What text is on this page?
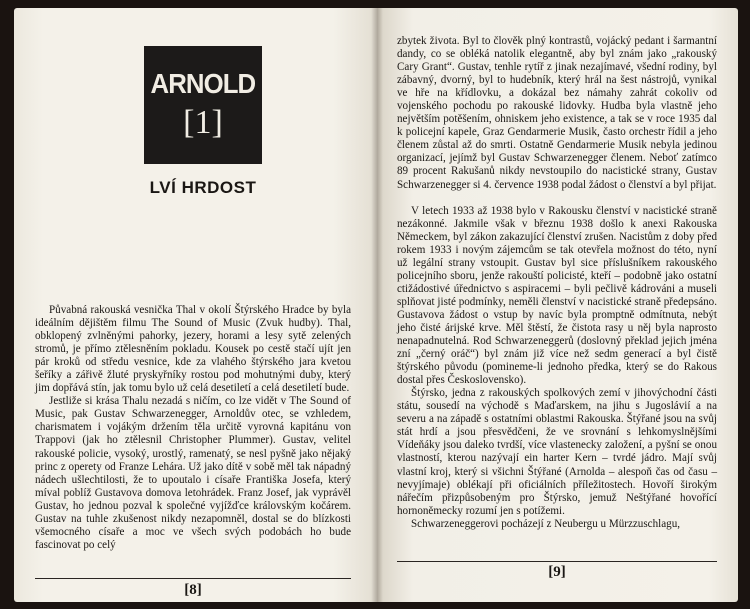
ARNOLD
[1]
LVÍ HRDOST

Půvabná rakouská vesnička Thal v okolí Štýrského Hradce by byla ideálním dějištěm filmu The Sound of Music (Zvuk hudby). Thal, obklopený zvlněnými pahorky, jezery, horami a lesy sytě zelených stromů, je přímo ztělesněním pokladu. Kousek po cestě stačí ujít jen pár kroků od středu vesnice, kde za vlahého štýrského jara kvetou šeříky a zářivě žluté pryskyřníky rostou pod mohutnými duby, který jim dopřává stín, jak tomu bylo už celá desetiletí a celá desetiletí bude.

Jestliže si krása Thalu nezadá s ničím, co lze vidět v The Sound of Music, pak Gustav Schwarzenegger, Arnoldův otec, se vzhledem, charismatem i vojákým držením těla určitě vyrovná kapitánu von Trappovi (jak ho ztělesnil Christopher Plummer). Gustav, velitel rakouské policie, vysoký, urostlý, ramenatý, se nesl pyšně jako nějaký princ z operety od Franze Lehára. Už jako dítě v sobě měl tak nápadný nádech ušlechtilosti, že to upoutalo i císaře Františka Josefa, který míval poblíž Gustavova domova letohrádek. Franz Josef, jak vyprávěl Gustav, ho jednou pozval k společné vyjížďce královským kočárem. Gustav na tuhle zkušenost nikdy nezapomněl, dostal se do blízkosti všemocného císaře a moc ve všech svých podobách ho bude fascinovat po celý

[8]

zbytek života. Byl to člověk plný kontrastů, vojácký pedant i šarmantní dandy, co se obléká natolik elegantně, aby byl znám jako „rakouský Cary Grant“. Gustav, tenhle rytíř z jinak nezajímavé, všední rodiny, byl zábavný, dvorný, byl to hudebník, který hrál na šest nástrojů, vynikal ve hře na křídlovku, a dokázal bez námahy zahrát cokoliv od vojenského pochodu po rakouské lidovky. Hudba byla vlastně jeho největším potěšením, ohniskem jeho existence, a tak se v roce 1935 dal k policejní kapele, Graz Gendarmerie Musik, často orchestr řídil a jeho členem zůstal až do smrti. Ostatně Gendarmerie Musik nebyla jedinou organizací, jejímž byl Gustav Schwarzenegger členem. Neboť zatímco 89 procent Rakušanů nikdy nevstoupilo do nacistické strany, Gustav Schwarzenegger si 4. července 1938 podal žádost o členství a byl přijat.

V letech 1933 až 1938 bylo v Rakousku členství v nacistické straně nezákonné. Jakmile však v březnu 1938 došlo k anexi Rakouska Německem, byl zákon zakazující členství zrušen. Nacistům z doby před rokem 1933 i novým zájemcům se tak otevřela možnost do této, nyní už legální strany vstoupit. Gustav byl sice příslušníkem rakouského policejního sboru, jenže rakouští policisté, kteří – podobně jako ostatní ctižádostivé úřednictvo s aspiracemi – byli pečlivě kádrováni a museli splňovat jisté podmínky, neměli členství v nacistické straně předepsáno. Gustavova žádost o vstup by navíc byla promptně odmítnuta, nebýt jeho čisté árijské krve. Měl štěstí, že čistota rasy u něj byla naprosto nenapadnutelná. Rod Schwarzeneggerů (doslovný překlad jejich jména zní „černý oráč“) byl znám již více než sedm generací a byl čistě štýrského původu (pomineme-li jednoho předka, který se do Rakous dostal přes Československo).

Štýrsko, jedna z rakouských spolkových zemí v jihovýchodní části státu, sousedí na východě s Maďarskem, na jihu s Jugoslávií a na severu a na západě s ostatními oblastmi Rakouska. Štýřané jsou na svůj stát hrdí a jsou přesvědčeni, že ve srovnání s lehkomyslnějšími Vídeňáky jsou daleko tvrdší, více vlastenecky založení, a pyšní se onou vlastností, kterou nazývají ein harter Kern – tvrdé jádro. Mají svůj vlastní kroj, který si všichni Štýřané (Arnolda – alespoň čas od času – nevyjímaje) oblékají při oficiálních příležitostech. Hovoří širokým nářečím přizpůsobeným pro Štýrsko, jemuž Neštýřané hovořící hornoněmecky rozumí jen s potížemi.

Schwarzeneggerovi pocházejí z Neubergu u Mürzzuschlagu,

[9]
